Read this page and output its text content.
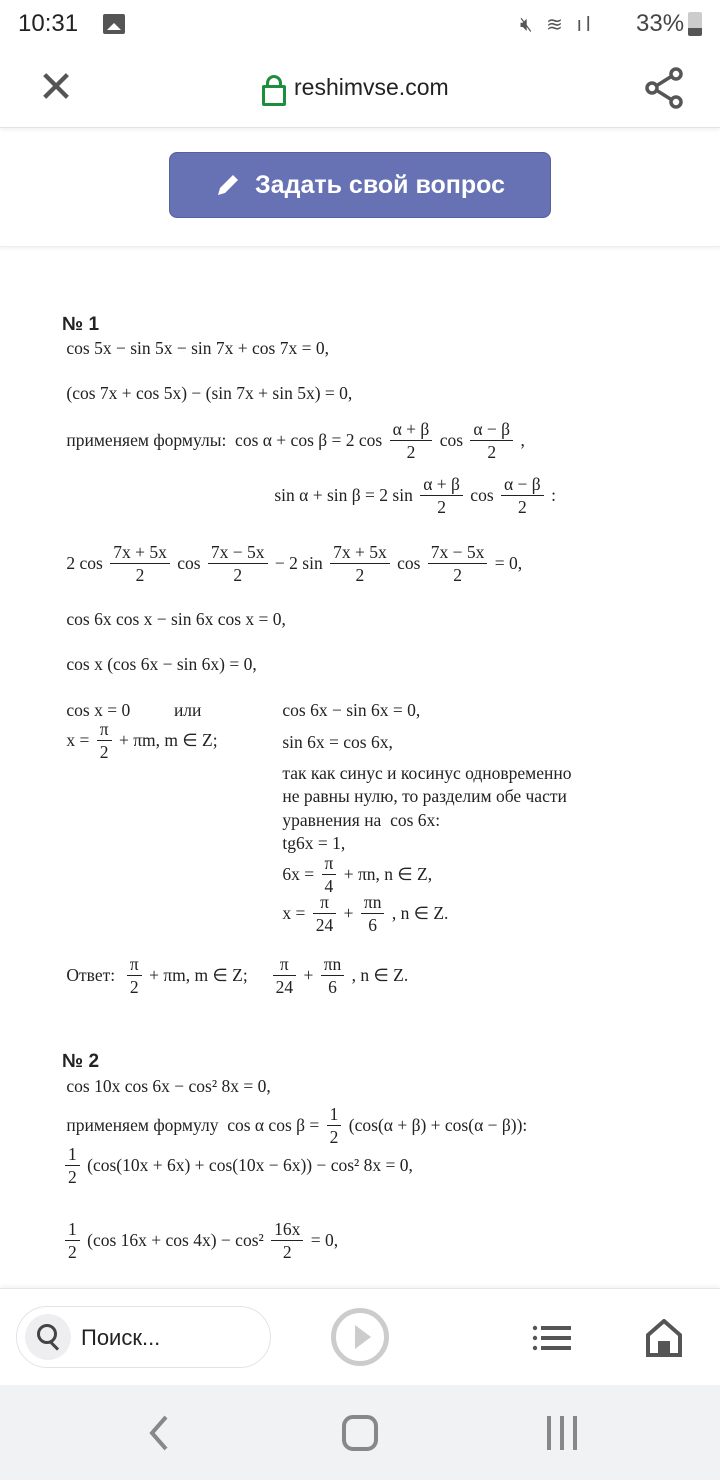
10:31	🔇︎ ≋ ıl 33%
✕	reshimvse.com
Задать свой вопрос
№ 1
cos 5x − sin 5x − sin 7x + cos 7x = 0,
(cos 7x + cos 5x) − (sin 7x + sin 5x) = 0,
применяем формулы:  cos α + cos β = 2 $\cos \frac{\alpha + \beta}{2}$ $\cos \frac{\alpha - \beta}{2}$ ,
sin α + sin β = 2 $\sin \frac{\alpha + \beta}{2}$ $\cos \frac{\alpha - \beta}{2}$ :
2 $\cos \frac{7x + 5x}{2}$ $\cos \frac{7x - 5x}{2} - 2$ $\sin \frac{7x + 5x}{2}$ $\cos \frac{7x - 5x}{2} = 0$,
cos 6x cos x − sin 6x cos x = 0,
cos x (cos 6x − sin 6x) = 0,
cos x = 0          или
$x = \frac{\pi}{2} + \pi m$, m ∈ Z;
cos 6x − sin 6x = 0,
sin 6x = cos 6x,
так как синус и косинус одновременно
не равны нулю, то разделим обе части
уравнения на  cos 6x:
tg6x = 1,
$6x = \frac{\pi}{4} + \pi n$, n ∈ Z,
$x = \frac{\pi}{24} + \frac{\pi n}{6}$ , n ∈ Z.
Ответ: $\frac{\pi}{2} + \pi m$, m ∈ Z; $\frac{\pi}{24} + \frac{\pi n}{6}$ , n ∈ Z.
№ 2
cos 10x cos 6x − cos² 8x = 0,
применяем формулу  cos α $\cos \beta = \frac{1}{2} (\cos(\alpha + \beta) + \cos(\alpha - \beta))$:
$\frac{1}{2} (\cos(10x + 6x) + \cos(10x - 6x)) - \cos^2$ 8x = 0,
$\frac{1}{2} (\cos$ $16x + \cos 4x) - \cos^2 \frac{16x}{2} = 0$,
Поиск...
